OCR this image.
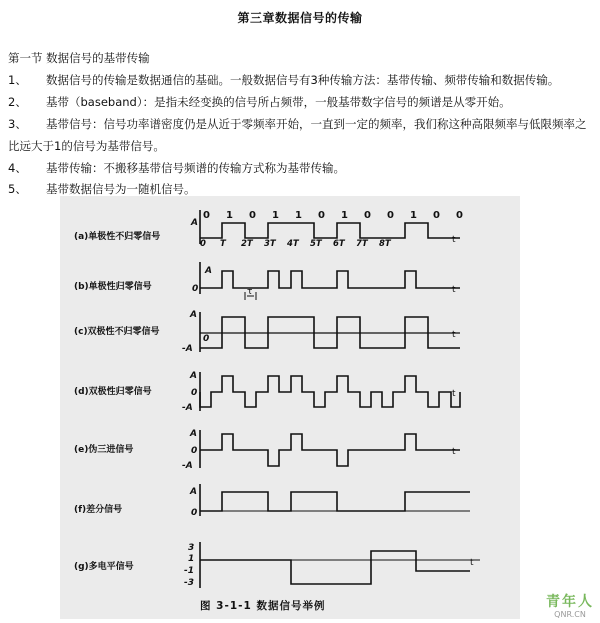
第三章数据信号的传输
第一节 数据信号的基带传输
1、 数据信号的传输是数据通信的基础。一般数据信号有3种传输方法：基带传输、频带传输和数据传输。
2、 基带（baseband）：是指未经变换的信号所占频带，一般基带数字信号的频谱是从零开始。
3、 基带信号：信号功率谱密度仍是从近于零频率开始，一直到一定的频率，我们称这种高限频率与低限频率之
比远大于1的信号为基带信号。
4、 基带传输：不搬移基带信号频谱的传输方式称为基带传输。
5、 基带数据信号为一随机信号。
t
t
t
t
t
t
0 1 0 1 1 0 1 0 0 1 0 0
0 T 2T 3T 4T 5T 6T 7T 8T
τ
(a)单极性不归零信号
(b)单极性归零信号
(c)双极性不归零信号
(d)双极性归零信号
(e)伪三进信号
(f)差分信号
(g)多电平信号
A
A
0
A
0
-A
A
0
-A
A
0
-A
A
0
3
1
-1
-3
图 3-1-1 数据信号举例	青年人
QNR.CN
